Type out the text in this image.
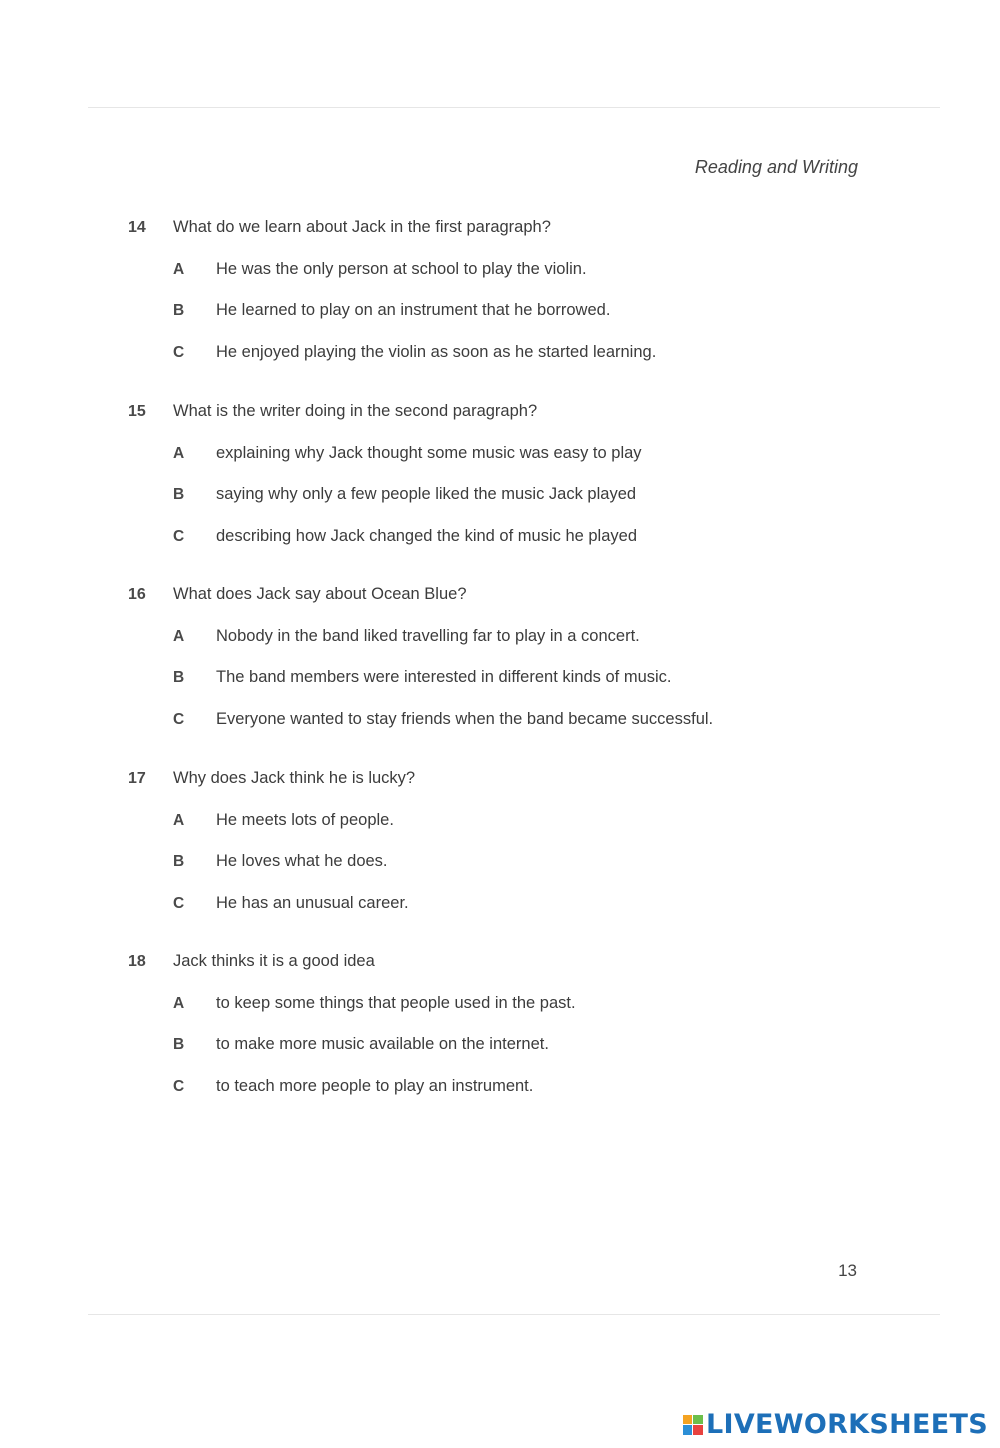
Reading and Writing
14	What do we learn about Jack in the first paragraph?
A	He was the only person at school to play the violin.
B	He learned to play on an instrument that he borrowed.
C	He enjoyed playing the violin as soon as he started learning.
15	What is the writer doing in the second paragraph?
A	explaining why Jack thought some music was easy to play
B	saying why only a few people liked the music Jack played
C	describing how Jack changed the kind of music he played
16	What does Jack say about Ocean Blue?
A	Nobody in the band liked travelling far to play in a concert.
B	The band members were interested in different kinds of music.
C	Everyone wanted to stay friends when the band became successful.
17	Why does Jack think he is lucky?
A	He meets lots of people.
B	He loves what he does.
C	He has an unusual career.
18	Jack thinks it is a good idea
A	to keep some things that people used in the past.
B	to make more music available on the internet.
C	to teach more people to play an instrument.
13
LIVEWORKSHEETS
